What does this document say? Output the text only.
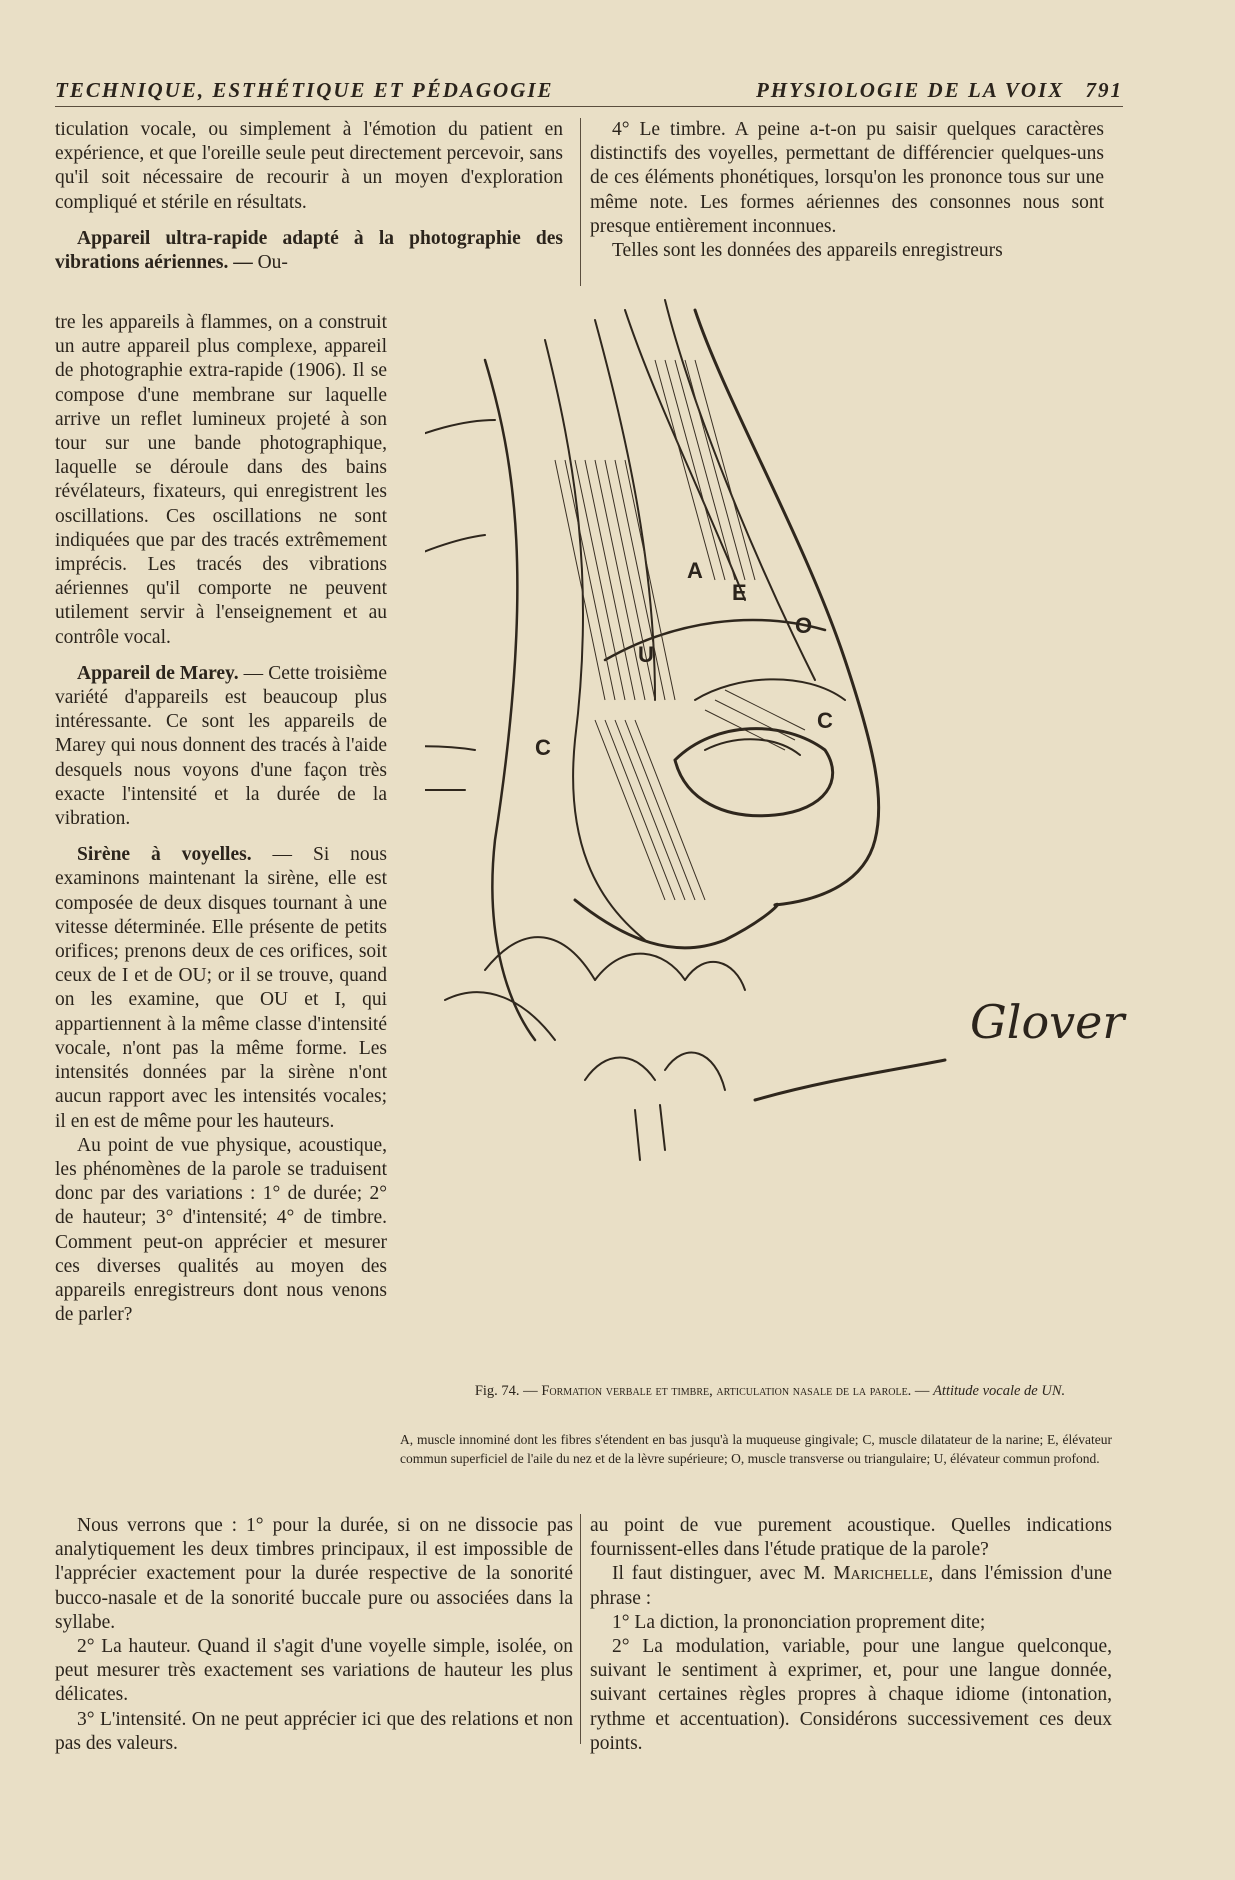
TECHNIQUE, ESTHÉTIQUE ET PÉDAGOGIE	PHYSIOLOGIE DE LA VOIX 791

ticulation vocale, ou simplement à l'émotion du patient en expérience, et que l'oreille seule peut directement percevoir, sans qu'il soit nécessaire de recourir à un moyen d'exploration compliqué et stérile en résultats.

Appareil ultra-rapide adapté à la photographie des vibrations aériennes. — Ou-

4° Le timbre. A peine a-t-on pu saisir quelques caractères distinctifs des voyelles, permettant de différencier quelques-uns de ces éléments phonétiques, lorsqu'on les prononce tous sur une même note. Les formes aériennes des consonnes nous sont presque entièrement inconnues.

Telles sont les données des appareils enregistreurs

tre les appareils à flammes, on a construit un autre appareil plus complexe, appareil de photographie extra-rapide (1906). Il se compose d'une membrane sur laquelle arrive un reflet lumineux projeté à son tour sur une bande photographique, laquelle se déroule dans des bains révélateurs, fixateurs, qui enregistrent les oscillations. Ces oscillations ne sont indiquées que par des tracés extrêmement imprécis. Les tracés des vibrations aériennes qu'il comporte ne peuvent utilement servir à l'enseignement et au contrôle vocal.

Appareil de Marey. — Cette troisième variété d'appareils est beaucoup plus intéressante. Ce sont les appareils de Marey qui nous donnent des tracés à l'aide desquels nous voyons d'une façon très exacte l'intensité et la durée de la vibration.

Sirène à voyelles. — Si nous examinons maintenant la sirène, elle est composée de deux disques tournant à une vitesse déterminée. Elle présente de petits orifices; prenons deux de ces orifices, soit ceux de I et de OU; or il se trouve, quand on les examine, que OU et I, qui appartiennent à la même classe d'intensité vocale, n'ont pas la même forme. Les intensités données par la sirène n'ont aucun rapport avec les intensités vocales; il en est de même pour les hauteurs.

Au point de vue physique, acoustique, les phénomènes de la parole se traduisent donc par des variations : 1° de durée; 2° de hauteur; 3° d'intensité; 4° de timbre. Comment peut-on apprécier et mesurer ces diverses qualités au moyen des appareils enregistreurs dont nous venons de parler?

A
E
O
U
C
C
Glover
Fig. 74. — Formation verbale et timbre, articulation nasale de la parole. — Attitude vocale de UN.
A, muscle innominé dont les fibres s'étendent en bas jusqu'à la muqueuse gingivale; C, muscle dilatateur de la narine; E, élévateur commun superficiel de l'aile du nez et de la lèvre supérieure; O, muscle transverse ou triangulaire; U, élévateur commun profond.

Nous verrons que : 1° pour la durée, si on ne dissocie pas analytiquement les deux timbres principaux, il est impossible de l'apprécier exactement pour la durée respective de la sonorité bucco-nasale et de la sonorité buccale pure ou associées dans la syllabe.

2° La hauteur. Quand il s'agit d'une voyelle simple, isolée, on peut mesurer très exactement ses variations de hauteur les plus délicates.

3° L'intensité. On ne peut apprécier ici que des relations et non pas des valeurs.

au point de vue purement acoustique. Quelles indications fournissent-elles dans l'étude pratique de la parole?

Il faut distinguer, avec M. Marichelle, dans l'émission d'une phrase :

1° La diction, la prononciation proprement dite;

2° La modulation, variable, pour une langue quelconque, suivant le sentiment à exprimer, et, pour une langue donnée, suivant certaines règles propres à chaque idiome (intonation, rythme et accentuation). Considérons successivement ces deux points.
